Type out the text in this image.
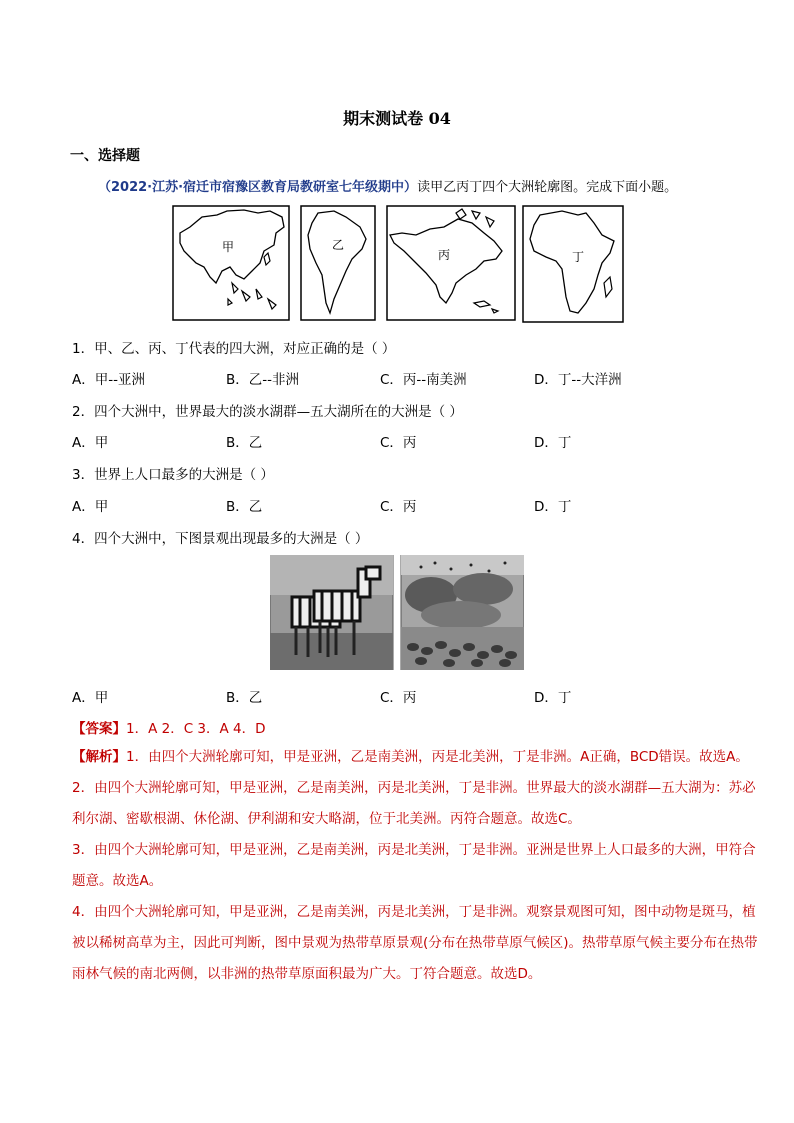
期末测试卷 04
一、选择题
（2022·江苏·宿迁市宿豫区教育局教研室七年级期中）读甲乙丙丁四个大洲轮廓图。完成下面小题。
甲	乙
丙	丁
1．甲、乙、丙、丁代表的四大洲，对应正确的是（ ）
A．甲--亚洲	B．乙--非洲	C．丙--南美洲	D．丁--大洋洲
2．四个大洲中，世界最大的淡水湖群—五大湖所在的大洲是（ ）
A．甲	B．乙	C．丙	D．丁
3．世界上人口最多的大洲是（ ）
A．甲	B．乙	C．丙	D．丁
4．四个大洲中，下图景观出现最多的大洲是（ ）
A．甲	B．乙	C．丙	D．丁
【答案】1．A 2．C 3．A 4．D

【解析】1．由四个大洲轮廓可知，甲是亚洲，乙是南美洲，丙是北美洲，丁是非洲。A正确，BCD错误。故选A。

2．由四个大洲轮廓可知，甲是亚洲，乙是南美洲，丙是北美洲，丁是非洲。世界最大的淡水湖群—五大湖为：苏必利尔湖、密歇根湖、休伦湖、伊利湖和安大略湖，位于北美洲。丙符合题意。故选C。

3．由四个大洲轮廓可知，甲是亚洲，乙是南美洲，丙是北美洲，丁是非洲。亚洲是世界上人口最多的大洲，甲符合题意。故选A。

4．由四个大洲轮廓可知，甲是亚洲，乙是南美洲，丙是北美洲，丁是非洲。观察景观图可知，图中动物是斑马，植被以稀树高草为主，因此可判断，图中景观为热带草原景观(分布在热带草原气候区)。热带草原气候主要分布在热带雨林气候的南北两侧，以非洲的热带草原面积最为广大。丁符合题意。故选D。
